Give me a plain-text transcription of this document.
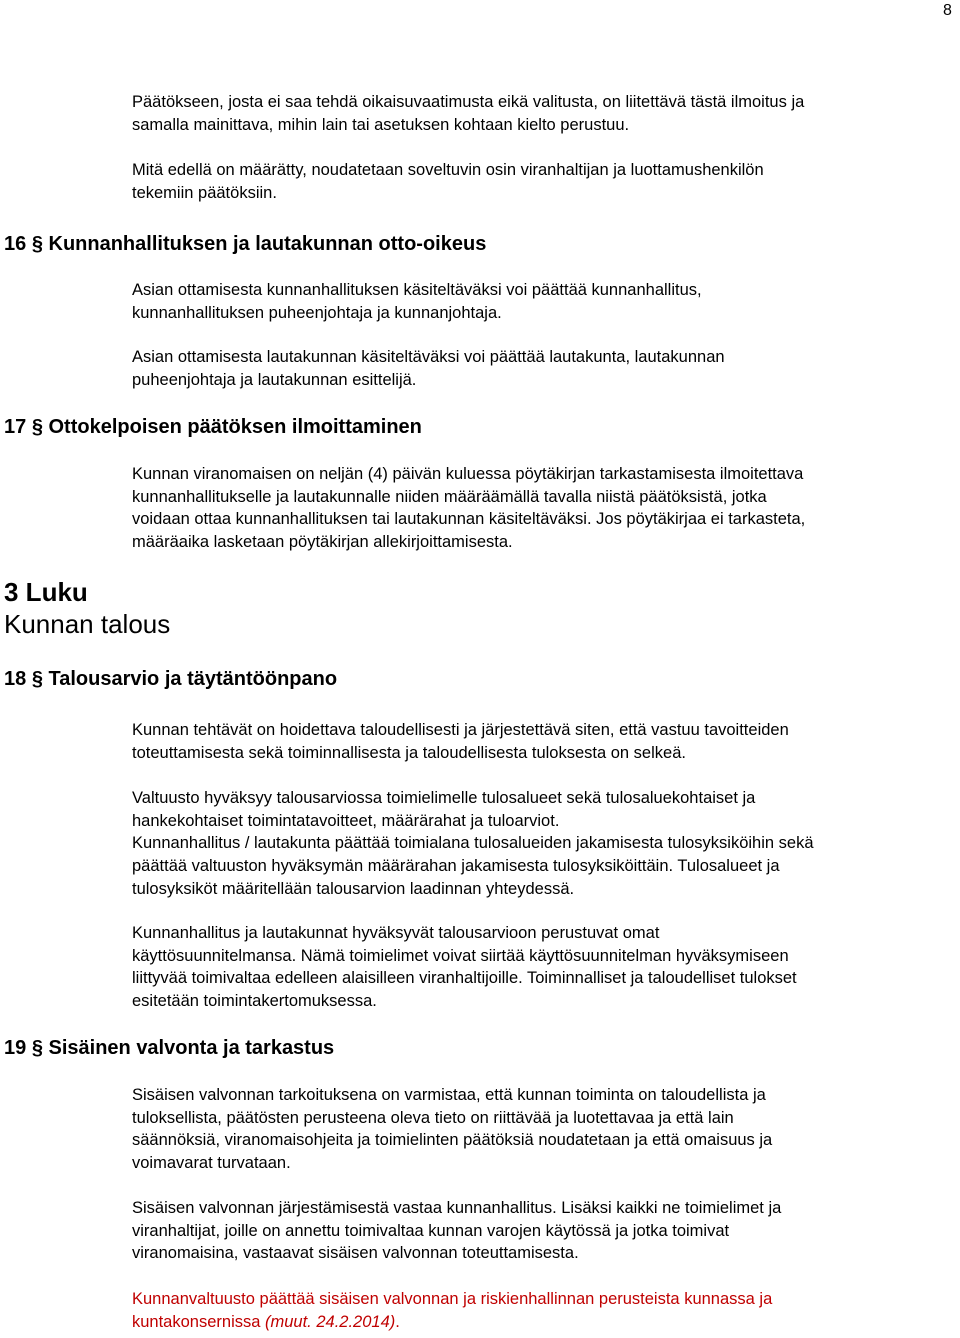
8
Päätökseen, josta ei saa tehdä oikaisuvaatimusta eikä valitusta, on liitettävä tästä ilmoitus ja
samalla mainittava, mihin lain tai asetuksen kohtaan kielto perustuu.
Mitä edellä on määrätty, noudatetaan soveltuvin osin viranhaltijan ja luottamushenkilön
tekemiin päätöksiin.
16 § Kunnanhallituksen ja lautakunnan otto-oikeus
Asian ottamisesta kunnanhallituksen käsiteltäväksi voi päättää kunnanhallitus,
kunnanhallituksen puheenjohtaja ja kunnanjohtaja.
Asian ottamisesta lautakunnan käsiteltäväksi voi päättää lautakunta, lautakunnan
puheenjohtaja ja lautakunnan esittelijä.
17 § Ottokelpoisen päätöksen ilmoittaminen
Kunnan viranomaisen on neljän (4) päivän kuluessa pöytäkirjan tarkastamisesta ilmoitettava
kunnanhallitukselle ja lautakunnalle niiden määräämällä tavalla niistä päätöksistä, jotka
voidaan ottaa kunnanhallituksen tai lautakunnan käsiteltäväksi. Jos pöytäkirjaa ei tarkasteta,
määräaika lasketaan pöytäkirjan allekirjoittamisesta.
3 Luku
Kunnan talous
18 § Talousarvio ja täytäntöönpano
Kunnan tehtävät on hoidettava taloudellisesti ja järjestettävä siten, että vastuu tavoitteiden
toteuttamisesta sekä toiminnallisesta ja taloudellisesta tuloksesta on selkeä.
Valtuusto hyväksyy talousarviossa toimielimelle tulosalueet sekä tulosaluekohtaiset ja
hankekohtaiset toimintatavoitteet, määrärahat ja tuloarviot.
Kunnanhallitus / lautakunta päättää toimialana tulosalueiden jakamisesta tulosyksiköihin sekä
päättää valtuuston hyväksymän määrärahan jakamisesta tulosyksiköittäin. Tulosalueet ja
tulosyksiköt määritellään talousarvion laadinnan yhteydessä.
Kunnanhallitus ja lautakunnat hyväksyvät talousarvioon perustuvat omat
käyttösuunnitelmansa. Nämä toimielimet voivat siirtää käyttösuunnitelman hyväksymiseen
liittyvää toimivaltaa edelleen alaisilleen viranhaltijoille. Toiminnalliset ja taloudelliset tulokset
esitetään toimintakertomuksessa.
19 § Sisäinen valvonta ja tarkastus
Sisäisen valvonnan tarkoituksena on varmistaa, että kunnan toiminta on taloudellista ja
tuloksellista, päätösten perusteena oleva tieto on riittävää ja luotettavaa ja että lain
säännöksiä, viranomaisohjeita ja toimielinten päätöksiä noudatetaan ja että omaisuus ja
voimavarat turvataan.
Sisäisen valvonnan järjestämisestä vastaa kunnanhallitus. Lisäksi kaikki ne toimielimet ja
viranhaltijat, joille on annettu toimivaltaa kunnan varojen käytössä ja jotka toimivat
viranomaisina, vastaavat sisäisen valvonnan toteuttamisesta.
Kunnanvaltuusto päättää sisäisen valvonnan ja riskienhallinnan perusteista kunnassa ja
kuntakonsernissa (muut. 24.2.2014).
